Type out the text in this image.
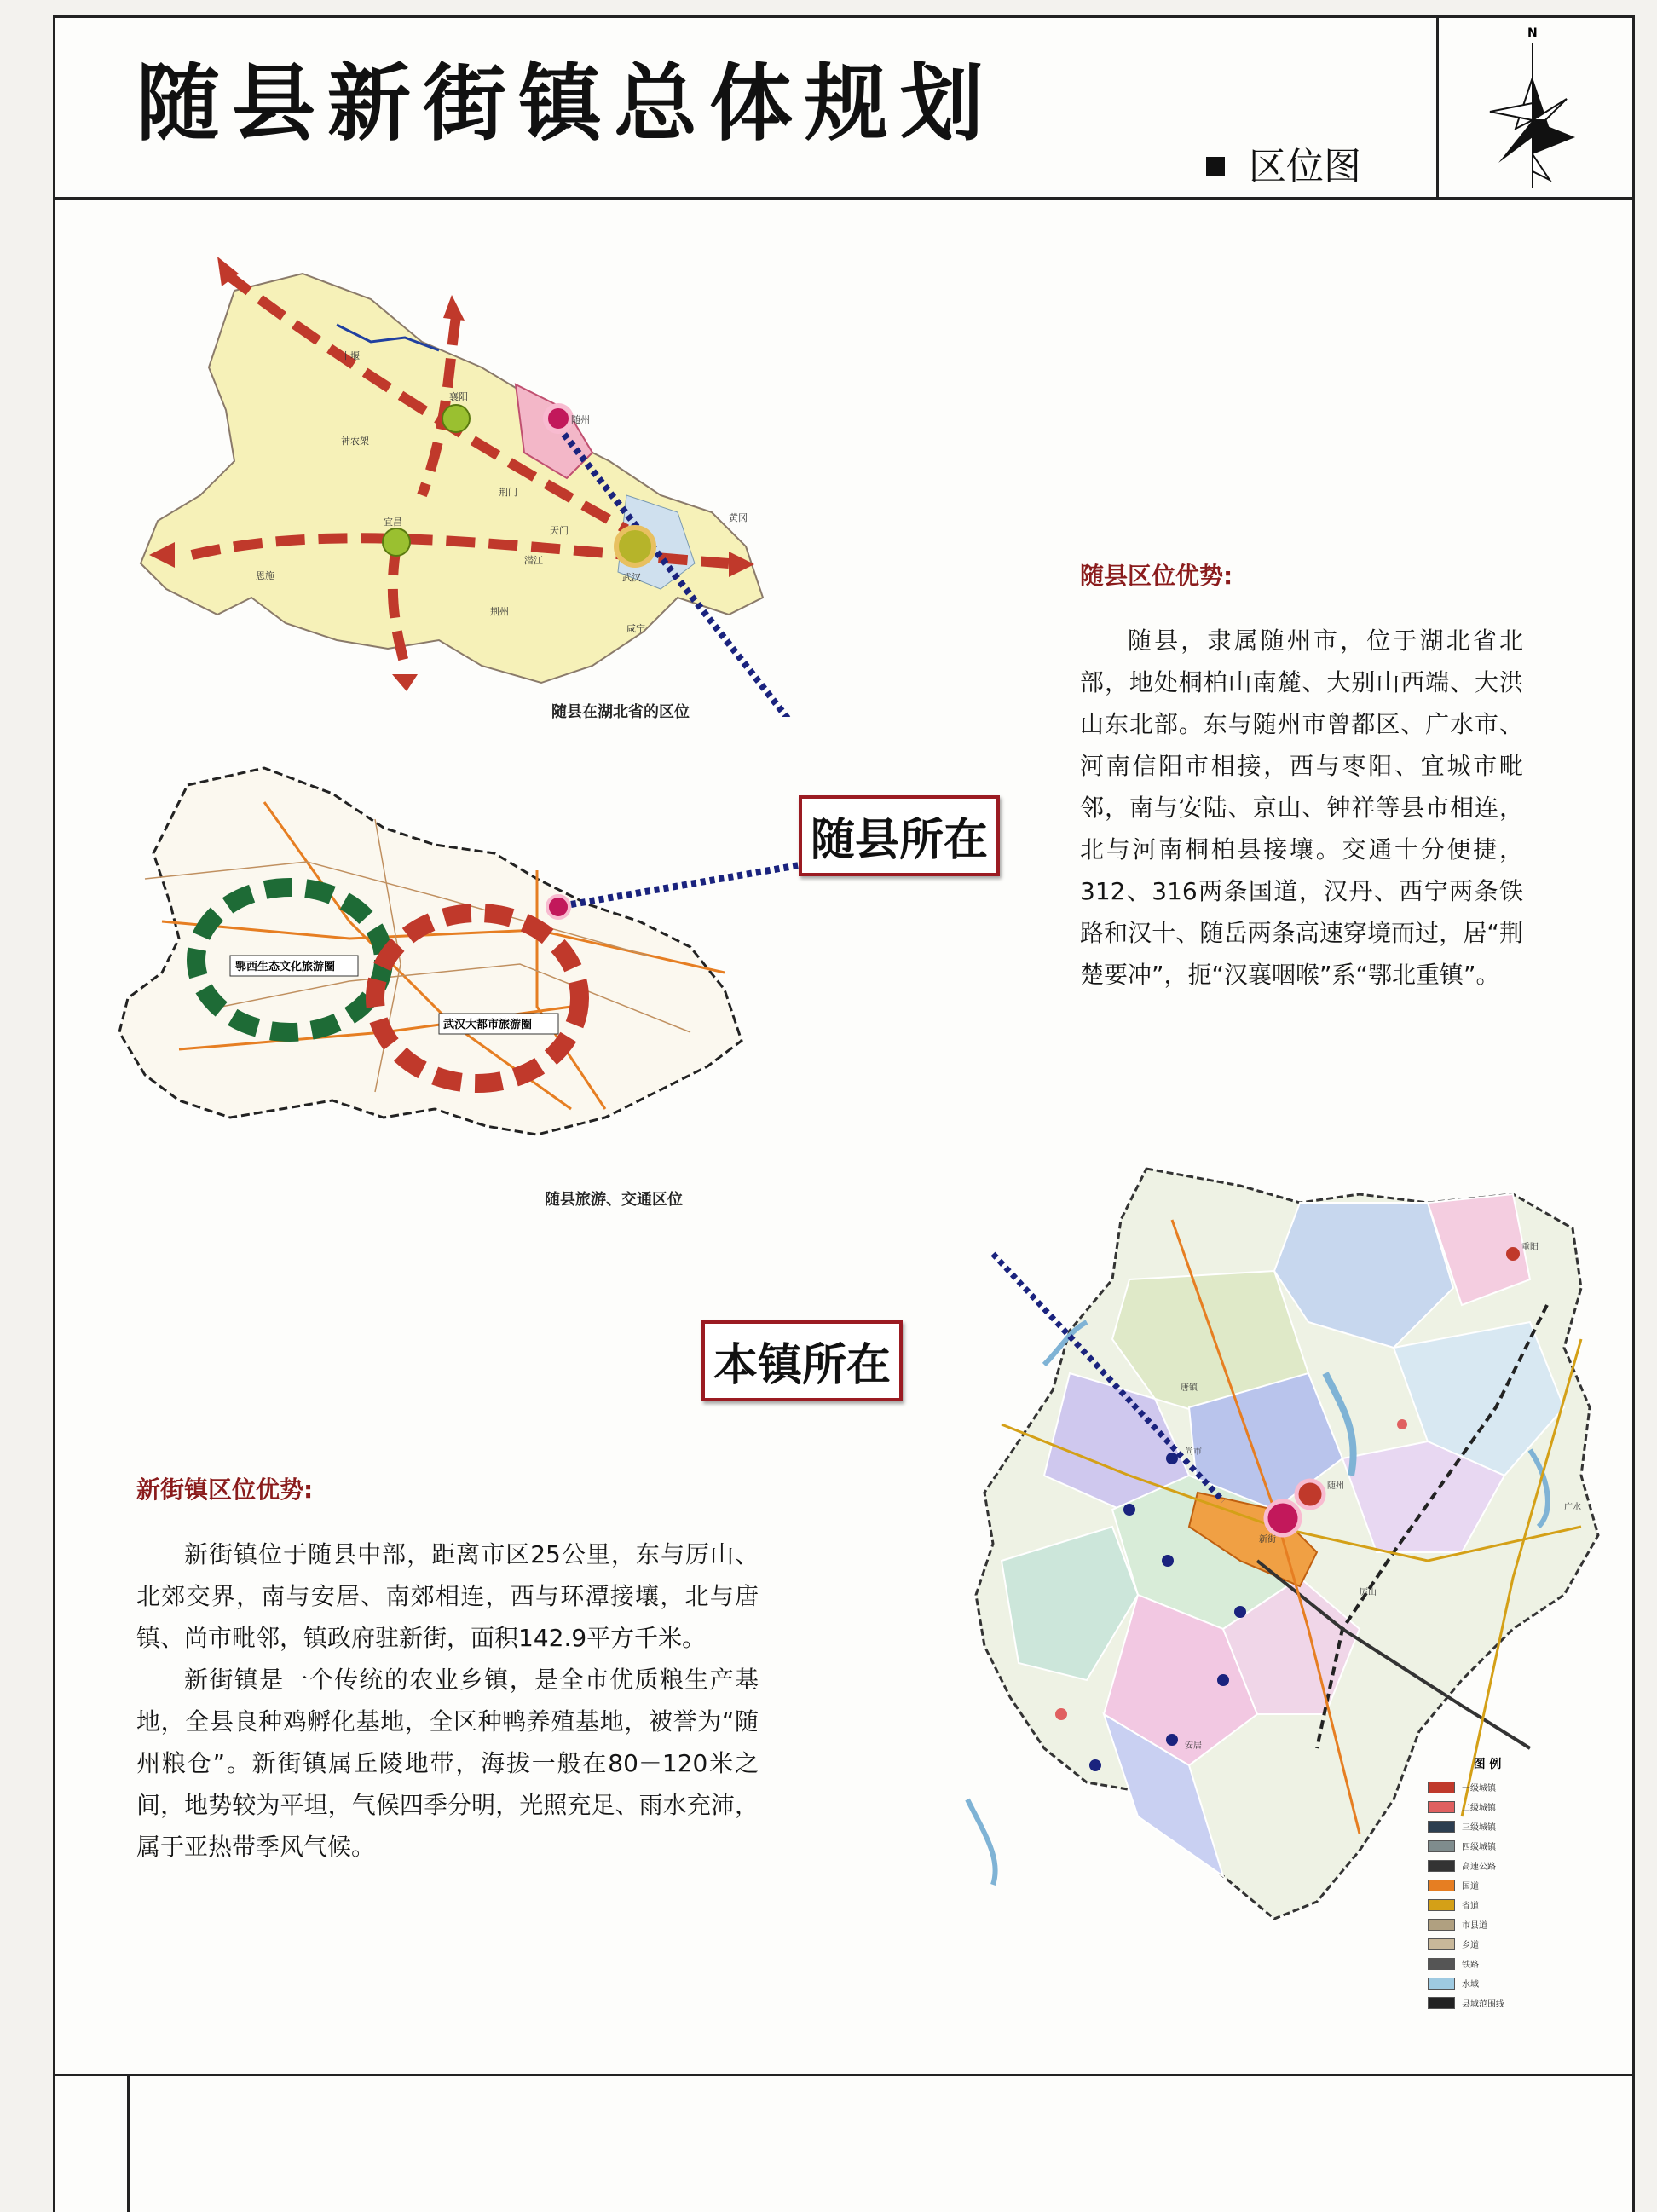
随县新街镇总体规划
区位图
N
十堰
襄阳
神农架
荆门
天门
宜昌
恩施
荆州
潜江
武汉
黄冈
咸宁
随州
随县在湖北省的区位
鄂西生态文化旅游圈
武汉大都市旅游圈
随县旅游、交通区位
随县所在
本镇所在
随县区位优势:

随县，隶属随州市，位于湖北省北部，地处桐柏山南麓、大别山西端、大洪山东北部。东与随州市曾都区、广水市、河南信阳市相接，西与枣阳、宜城市毗邻，南与安陆、京山、钟祥等县市相连，北与河南桐柏县接壤。交通十分便捷，312、316两条国道，汉丹、西宁两条铁路和汉十、随岳两条高速穿境而过，居“荆楚要冲”，扼“汉襄咽喉”系“鄂北重镇”。

重阳
广水
新街
随州
厉山
安居
唐镇
尚市
图 例
一级城镇
二级城镇
三级城镇
四级城镇
高速公路
国道
省道
市县道
乡道
铁路
水域
县域范围线
新街镇区位优势:

新街镇位于随县中部，距离市区25公里，东与厉山、北郊交界，南与安居、南郊相连，西与环潭接壤，北与唐镇、尚市毗邻，镇政府驻新街，面积142.9平方千米。

新街镇是一个传统的农业乡镇，是全市优质粮生产基地，全县良种鸡孵化基地，全区种鸭养殖基地，被誉为“随州粮仓”。新街镇属丘陵地带，海拔一般在80－120米之间，地势较为平坦，气候四季分明，光照充足、雨水充沛，属于亚热带季风气候。
